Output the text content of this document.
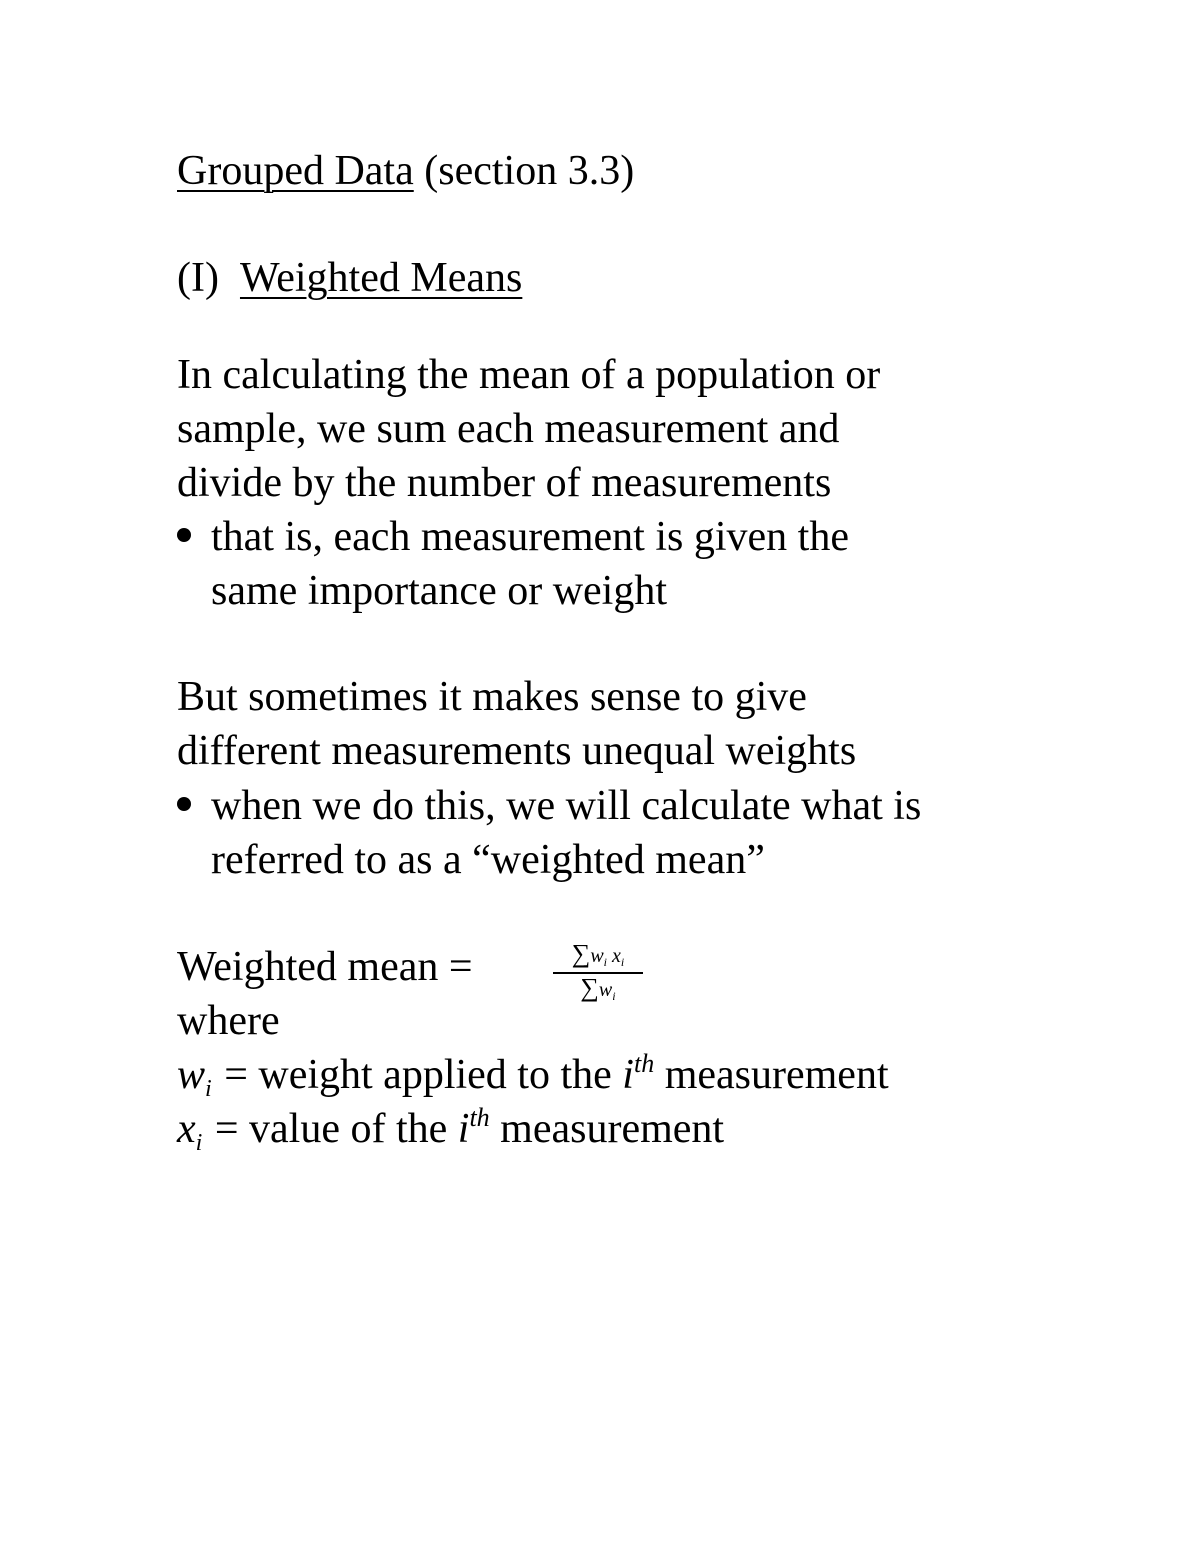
Grouped Data (section 3.3)
(I) Weighted Means
In calculating the mean of a population or
sample, we sum each measurement and
divide by the number of measurements
that is, each measurement is given the
same importance or weight
But sometimes it makes sense to give
different measurements unequal weights
when we do this, we will calculate what is
referred to as a “weighted mean”
Weighted mean =	$\sum w_i$ $x_i$
$\sum w_i$
where
wi = weight applied to the $i^{th}$ measurement
xi = value of the $i^{th}$ measurement
